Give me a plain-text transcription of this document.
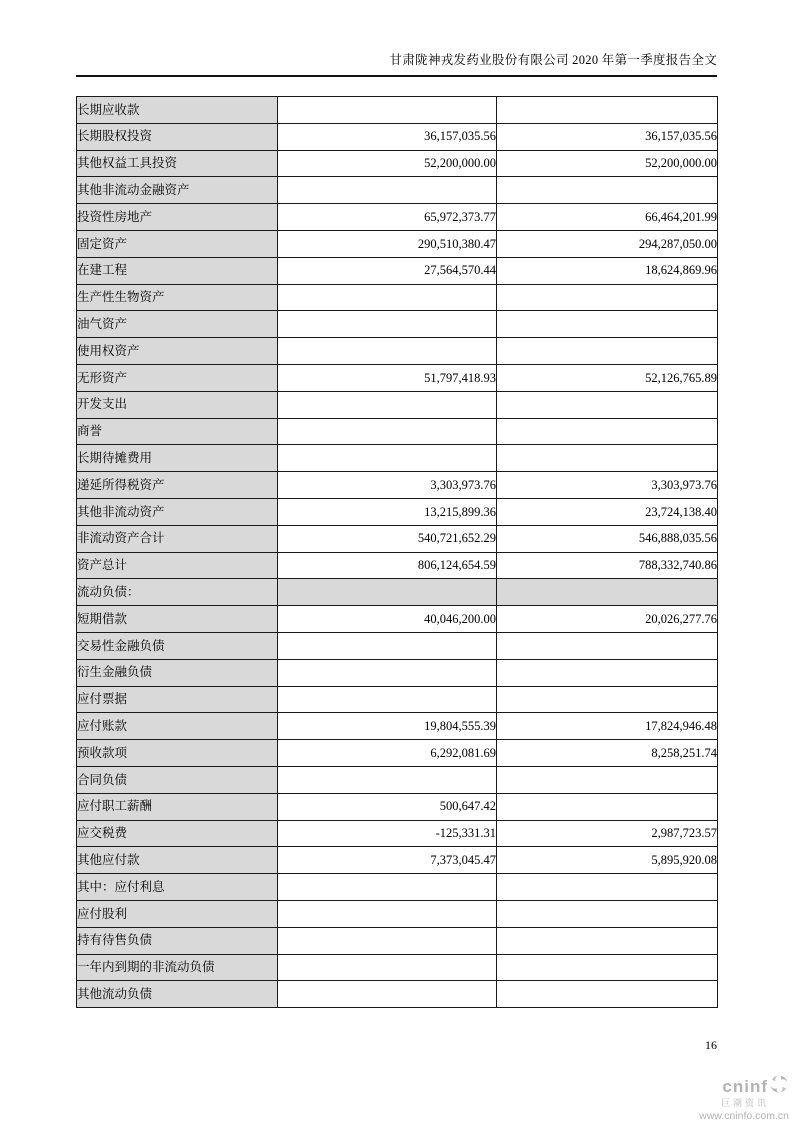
甘肃陇神戎发药业股份有限公司 2020 年第一季度报告全文
长期应收款		
长期股权投资	36,157,035.56	36,157,035.56
其他权益工具投资	52,200,000.00	52,200,000.00
其他非流动金融资产		
投资性房地产	65,972,373.77	66,464,201.99
固定资产	290,510,380.47	294,287,050.00
在建工程	27,564,570.44	18,624,869.96
生产性生物资产		
油气资产		
使用权资产		
无形资产	51,797,418.93	52,126,765.89
开发支出		
商誉		
长期待摊费用		
递延所得税资产	3,303,973.76	3,303,973.76
其他非流动资产	13,215,899.36	23,724,138.40
非流动资产合计	540,721,652.29	546,888,035.56
资产总计	806,124,654.59	788,332,740.86
流动负债：		
短期借款	40,046,200.00	20,026,277.76
交易性金融负债		
衍生金融负债		
应付票据		
应付账款	19,804,555.39	17,824,946.48
预收款项	6,292,081.69	8,258,251.74
合同负债		
应付职工薪酬	500,647.42	
应交税费	-125,331.31	2,987,723.57
其他应付款	7,373,045.47	5,895,920.08
其中：应付利息		
应付股利		
持有待售负债		
一年内到期的非流动负债		
其他流动负债		
16
cninf
巨潮资讯
www.cninfo.com.cn
